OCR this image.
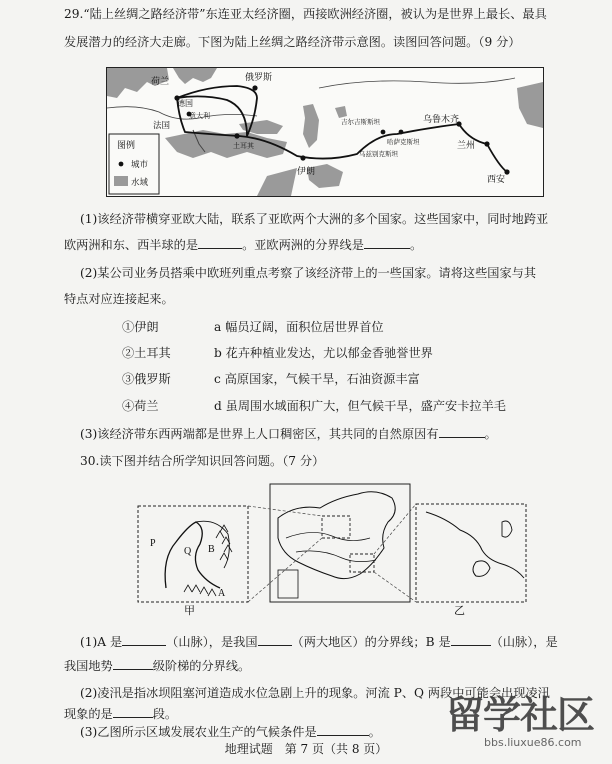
29.“陆上丝绸之路经济带”东连亚太经济圈，西接欧洲经济圈，被认为是世界上最长、最具
发展潜力的经济大走廊。下图为陆上丝绸之路经济带示意图。读图回答问题。（9 分）
荷兰
德国
意大利
法国
俄罗斯
土耳其
伊朗
吉尔吉斯斯坦
哈萨克斯坦
乌兹别克斯坦
乌鲁木齐
兰州
西安
图例
城市
水域
(1)该经济带横穿亚欧大陆，联系了亚欧两个大洲的多个国家。这些国家中，同时地跨亚
欧两洲和东、西半球的是	。亚欧两洲的分界线是	。
(2)某公司业务员搭乘中欧班列重点考察了该经济带上的一些国家。请将这些国家与其
特点对应连接起来。
①伊朗	a 幅员辽阔，面积位居世界首位
②土耳其	b 花卉种植业发达，尤以郁金香驰誉世界
③俄罗斯	c 高原国家，气候干旱，石油资源丰富
④荷兰	d 虽周围水域面积广大，但气候干旱，盛产安卡拉羊毛
(3)该经济带东西两端都是世界上人口稠密区，其共同的自然原因有	。
30.读下图并结合所学知识回答问题。（7 分）
P
Q B
A
甲	乙
(1)A 是	（山脉），是我国	（两大地区）的分界线；B 是	（山脉），是
我国地势	级阶梯的分界线。
(2)凌汛是指冰坝阻塞河道造成水位急剧上升的现象。河流 P、Q 两段中可能会出现凌汛
现象的是	段。
(3)乙图所示区域发展农业生产的气候条件是	。
地理试题　第 7 页（共 8 页）
留学社区
bbs.liuxue86.com
